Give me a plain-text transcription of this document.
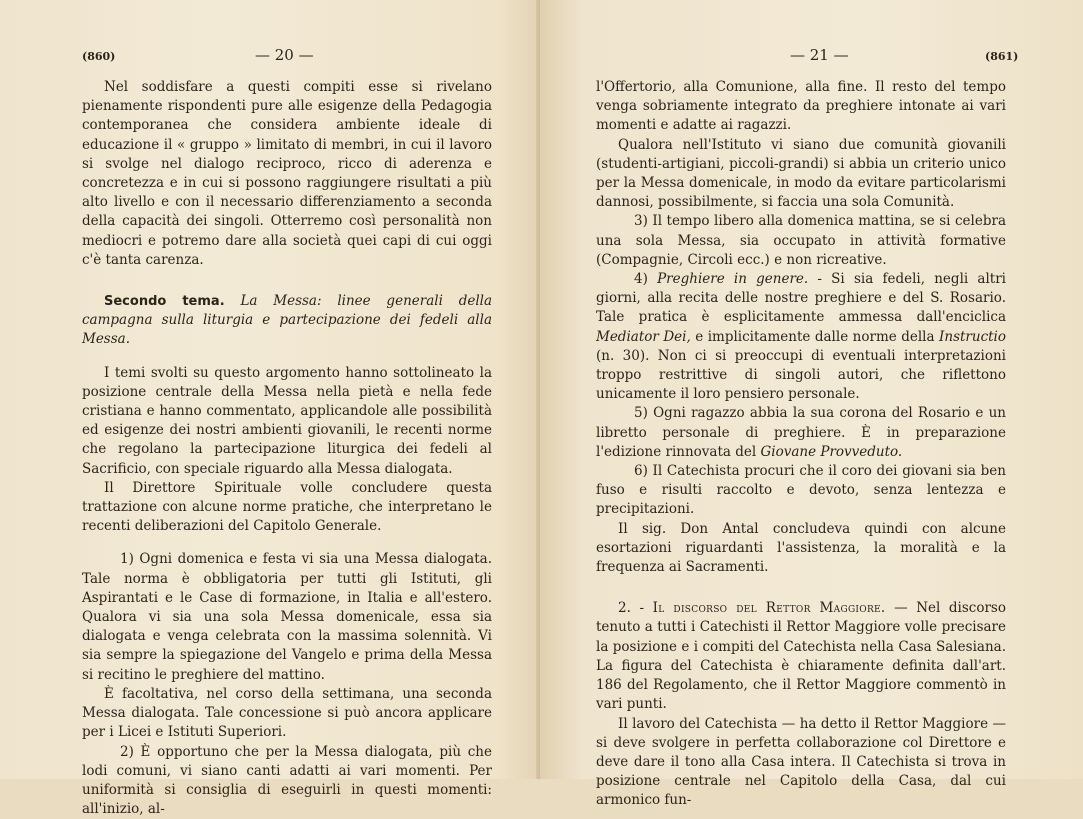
(860)	— 20 —

Nel soddisfare a questi compiti esse si rivelano pienamente rispondenti pure alle esigenze della Pedagogia contemporanea che considera ambiente ideale di educazione il « gruppo » limitato di membri, in cui il lavoro si svolge nel dialogo reciproco, ricco di aderenza e concretezza e in cui si possono raggiungere risultati a più alto livello e con il necessario differenziamento a seconda della capacità dei singoli. Otterremo così personalità non mediocri e potremo dare alla società quei capi di cui oggi c'è tanta carenza.

Secondo tema. La Messa: linee generali della campagna sulla liturgia e partecipazione dei fedeli alla Messa.

I temi svolti su questo argomento hanno sottolineato la posizione centrale della Messa nella pietà e nella fede cristiana e hanno commentato, applicandole alle possibilità ed esigenze dei nostri ambienti giovanili, le recenti norme che regolano la partecipazione liturgica dei fedeli al Sacrificio, con speciale riguardo alla Messa dialogata.

Il Direttore Spirituale volle concludere questa trattazione con alcune norme pratiche, che interpretano le recenti deliberazioni del Capitolo Generale.

1) Ogni domenica e festa vi sia una Messa dialogata. Tale norma è obbligatoria per tutti gli Istituti, gli Aspirantati e le Case di formazione, in Italia e all'estero. Qualora vi sia una sola Messa domenicale, essa sia dialogata e venga celebrata con la massima solennità. Vi sia sempre la spiegazione del Vangelo e prima della Messa si recitino le preghiere del mattino.

È facoltativa, nel corso della settimana, una seconda Messa dialogata. Tale concessione si può ancora applicare per i Licei e Istituti Superiori.

2) È opportuno che per la Messa dialogata, più che lodi comuni, vi siano canti adatti ai vari momenti. Per uniformità si consiglia di eseguirli in questi momenti: all'inizio, al-

— 21 —	(861)

l'Offertorio, alla Comunione, alla fine. Il resto del tempo venga sobriamente integrato da preghiere intonate ai vari momenti e adatte ai ragazzi.

Qualora nell'Istituto vi siano due comunità giovanili (studenti-artigiani, piccoli-grandi) si abbia un criterio unico per la Messa domenicale, in modo da evitare particolarismi dannosi, possibilmente, si faccia una sola Comunità.

3) Il tempo libero alla domenica mattina, se si celebra una sola Messa, sia occupato in attività formative (Compagnie, Circoli ecc.) e non ricreative.

4) Preghiere in genere. - Si sia fedeli, negli altri giorni, alla recita delle nostre preghiere e del S. Rosario. Tale pratica è esplicitamente ammessa dall'enciclica Mediator Dei, e implicitamente dalle norme della Instructio (n. 30). Non ci si preoccupi di eventuali interpretazioni troppo restrittive di singoli autori, che riflettono unicamente il loro pensiero personale.

5) Ogni ragazzo abbia la sua corona del Rosario e un libretto personale di preghiere. È in preparazione l'edizione rinnovata del Giovane Provveduto.

6) Il Catechista procuri che il coro dei giovani sia ben fuso e risulti raccolto e devoto, senza lentezza e precipitazioni.

Il sig. Don Antal concludeva quindi con alcune esortazioni riguardanti l'assistenza, la moralità e la frequenza ai Sacramenti.

2. - Il discorso del Rettor Maggiore. — Nel discorso tenuto a tutti i Catechisti il Rettor Maggiore volle precisare la posizione e i compiti del Catechista nella Casa Salesiana. La figura del Catechista è chiaramente definita dall'art. 186 del Regolamento, che il Rettor Maggiore commentò in vari punti.

Il lavoro del Catechista — ha detto il Rettor Maggiore — si deve svolgere in perfetta collaborazione col Direttore e deve dare il tono alla Casa intera. Il Catechista si trova in posizione centrale nel Capitolo della Casa, dal cui armonico fun-
